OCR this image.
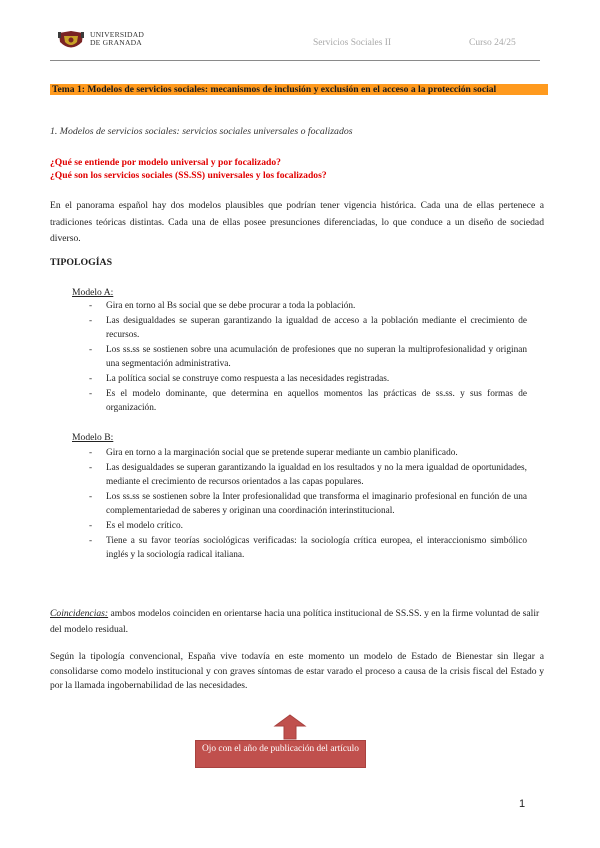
UNIVERSIDAD
DE GRANADA	Servicios Sociales II	Curso 24/25
Tema 1: Modelos de servicios sociales: mecanismos de inclusión y exclusión en el acceso a la protección social
1. Modelos de servicios sociales: servicios sociales universales o focalizados
¿Qué se entiende por modelo universal y por focalizado?
¿Qué son los servicios sociales (SS.SS) universales y los focalizados?
En el panorama español hay dos modelos plausibles que podrían tener vigencia histórica. Cada una de ellas pertenece a tradiciones teóricas distintas. Cada una de ellas posee presunciones diferenciadas, lo que conduce a un diseño de sociedad diverso.
TIPOLOGÍAS
Modelo A:
- Gira en torno al Bs social que se debe procurar a toda la población.
- Las desigualdades se superan garantizando la igualdad de acceso a la población mediante el crecimiento de recursos.
- Los ss.ss se sostienen sobre una acumulación de profesiones que no superan la multiprofesionalidad y originan una segmentación administrativa.
- La política social se construye como respuesta a las necesidades registradas.
- Es el modelo dominante, que determina en aquellos momentos las prácticas de ss.ss. y sus formas de organización.
Modelo B:
- Gira en torno a la marginación social que se pretende superar mediante un cambio planificado.
- Las desigualdades se superan garantizando la igualdad en los resultados y no la mera igualdad de oportunidades, mediante el crecimiento de recursos orientados a las capas populares.
- Los ss.ss se sostienen sobre la Inter profesionalidad que transforma el imaginario profesional en función de una complementariedad de saberes y originan una coordinación interinstitucional.
- Es el modelo crítico.
- Tiene a su favor teorías sociológicas verificadas: la sociología crítica europea, el interaccionismo simbólico inglés y la sociología radical italiana.
Coincidencias: ambos modelos coinciden en orientarse hacia una política institucional de SS.SS. y en la firme voluntad de salir del modelo residual.
Según la tipología convencional, España vive todavía en este momento un modelo de Estado de Bienestar sin llegar a consolidarse como modelo institucional y con graves síntomas de estar varado el proceso a causa de la crisis fiscal del Estado y por la llamada ingobernabilidad de las necesidades.
Ojo con el año de publicación del artículo
1
